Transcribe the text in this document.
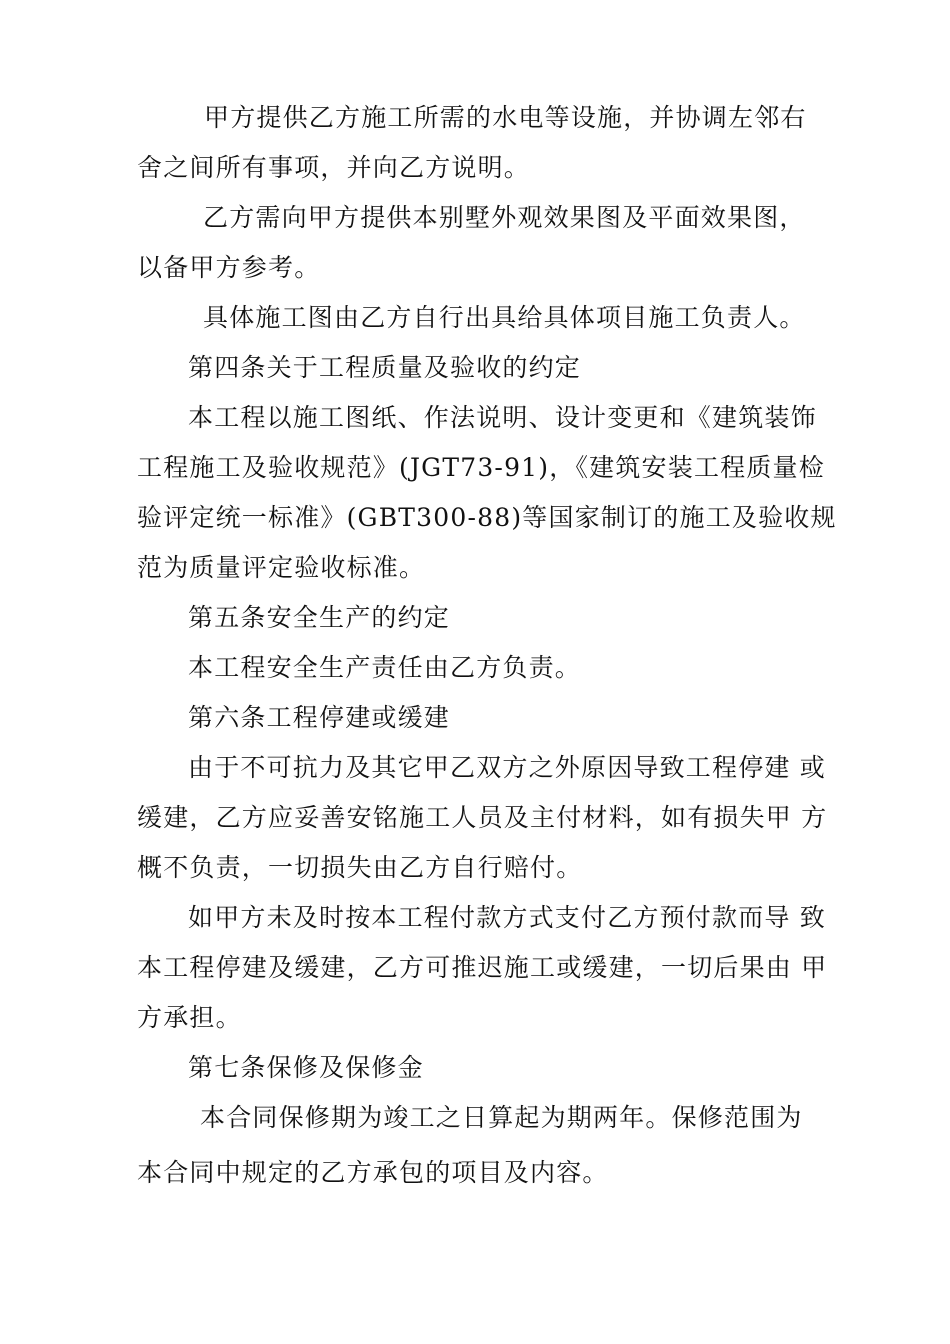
甲方提供乙方施工所需的水电等设施，并协调左邻右
舍之间所有事项，并向乙方说明。
乙方需向甲方提供本别墅外观效果图及平面效果图，
以备甲方参考。
具体施工图由乙方自行出具给具体项目施工负责人。
第四条关于工程质量及验收的约定
本工程以施工图纸、作法说明、设计变更和《建筑装饰
工程施工及验收规范》(JGT73-91)，《建筑安装工程质量检
验评定统一标准》(GBT300-88)等国家制订的施工及验收规
范为质量评定验收标准。
第五条安全生产的约定
本工程安全生产责任由乙方负责。
第六条工程停建或缓建
由于不可抗力及其它甲乙双方之外原因导致工程停建 或
缓建，乙方应妥善安铭施工人员及主付材料，如有损失甲 方
概不负责，一切损失由乙方自行赔付。
如甲方未及时按本工程付款方式支付乙方预付款而导 致
本工程停建及缓建，乙方可推迟施工或缓建，一切后果由 甲
方承担。
第七条保修及保修金
本合同保修期为竣工之日算起为期两年。保修范围为
本合同中规定的乙方承包的项目及内容。
